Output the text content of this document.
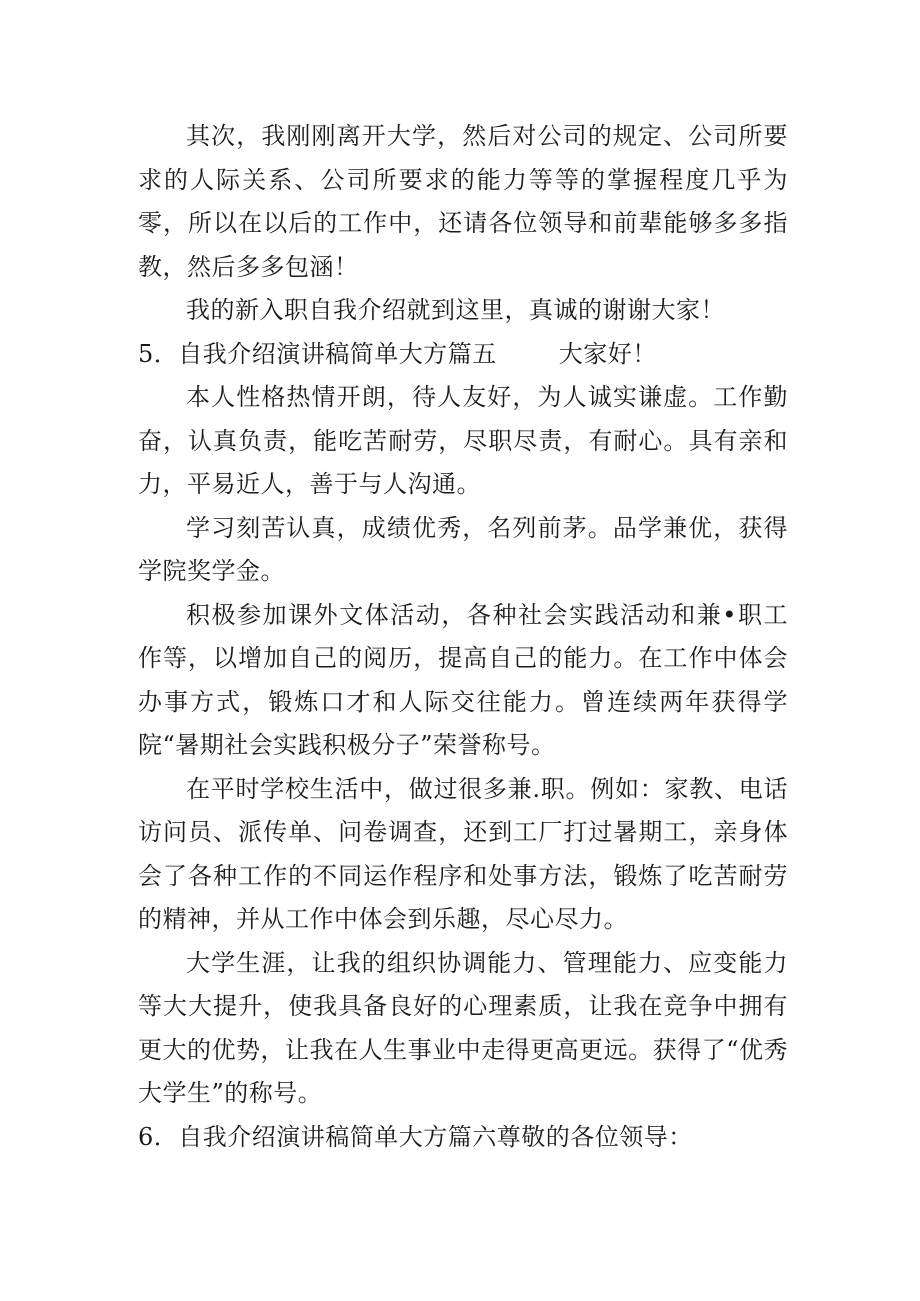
其次，我刚刚离开大学，然后对公司的规定、公司所要求的人际关系、公司所要求的能力等等的掌握程度几乎为零，所以在以后的工作中，还请各位领导和前辈能够多多指教，然后多多包涵！

我的新入职自我介绍就到这里，真诚的谢谢大家！

5．自我介绍演讲稿简单大方篇五	大家好！

本人性格热情开朗，待人友好，为人诚实谦虚。工作勤奋，认真负责，能吃苦耐劳，尽职尽责，有耐心。具有亲和力，平易近人，善于与人沟通。

学习刻苦认真，成绩优秀，名列前茅。品学兼优，获得学院奖学金。

积极参加课外文体活动，各种社会实践活动和兼•职工作等，以增加自己的阅历，提高自己的能力。在工作中体会办事方式，锻炼口才和人际交往能力。曾连续两年获得学院“暑期社会实践积极分子”荣誉称号。

在平时学校生活中，做过很多兼.职。例如：家教、电话访问员、派传单、问卷调查，还到工厂打过暑期工，亲身体会了各种工作的不同运作程序和处事方法，锻炼了吃苦耐劳的精神，并从工作中体会到乐趣，尽心尽力。

大学生涯，让我的组织协调能力、管理能力、应变能力等大大提升，使我具备良好的心理素质，让我在竞争中拥有更大的优势，让我在人生事业中走得更高更远。获得了“优秀大学生”的称号。

6．自我介绍演讲稿简单大方篇六尊敬的各位领导：
